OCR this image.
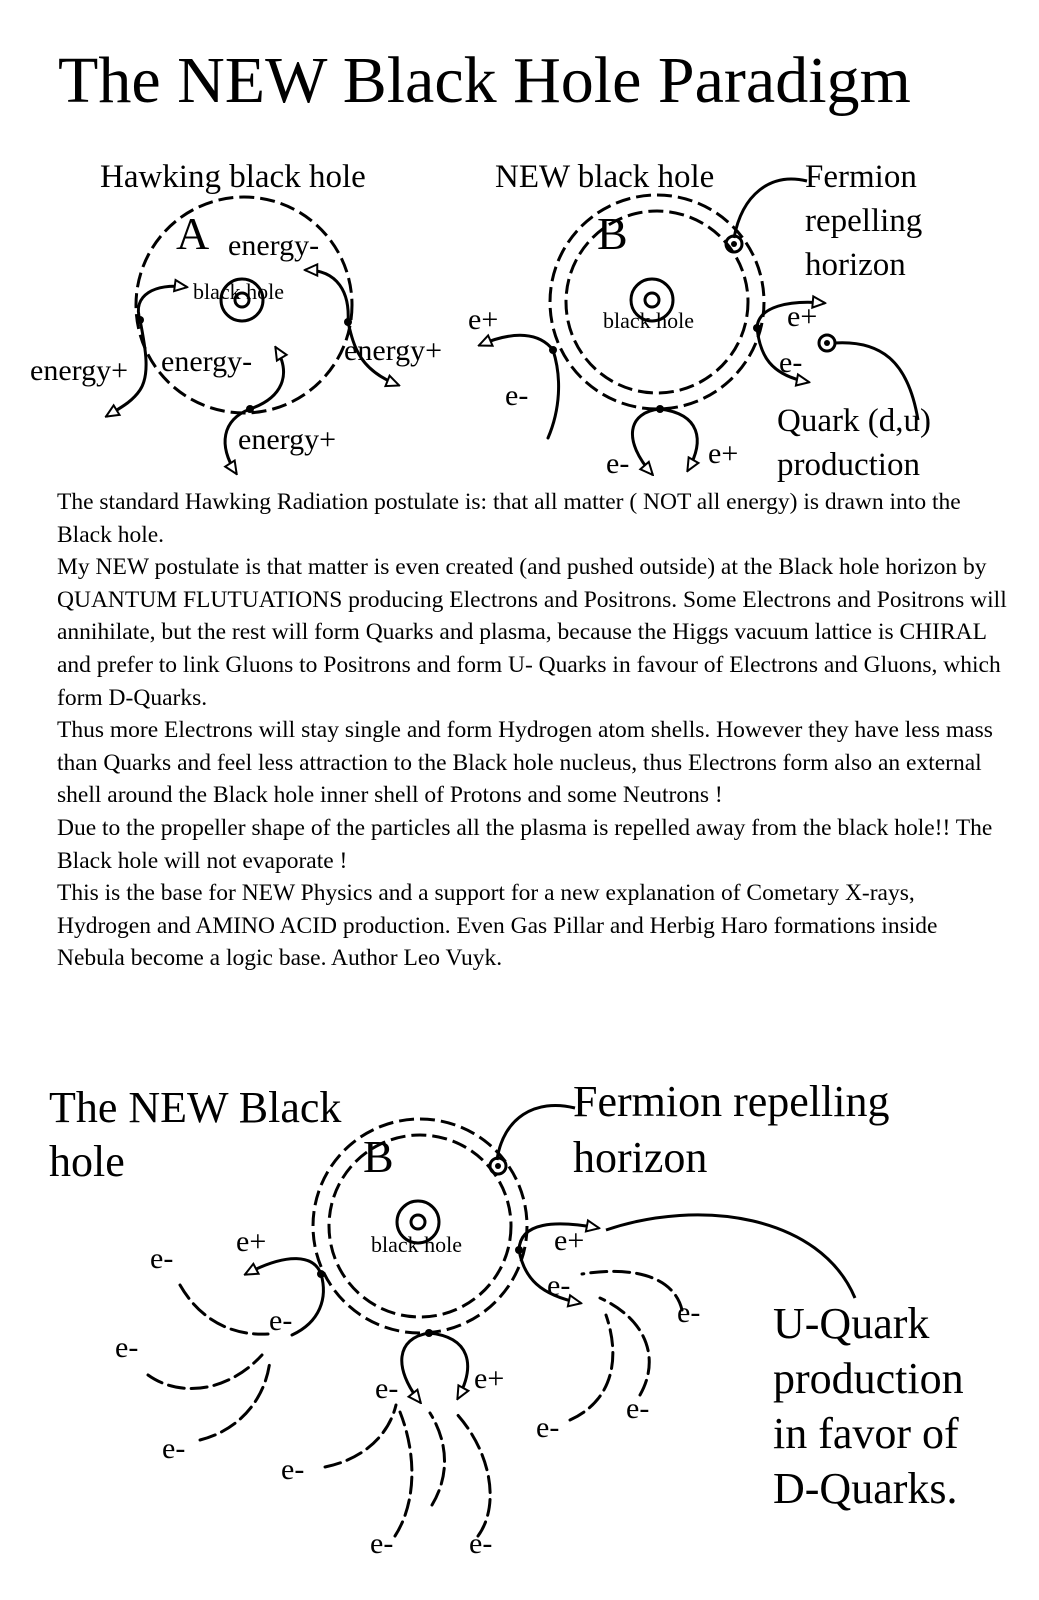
The NEW Black Hole Paradigm
Hawking black hole
A
black hole
energy-
energy-
energy+
energy+
energy+
NEW black hole
B
black hole
Fermion
repelling
horizon
Quark (d,u)
production
e+
e-
e+
e-
e-	e+
The NEW Black
hole	B
black hole
Fermion repelling
horizon
U-Quark
production
in favor of
D-Quarks.
e+
e-
e+
e-
e-	e+
e-
e-
e-
e-
e-	e-
e-
e-
e-

The standard Hawking Radiation postulate is: that all matter ( NOT all energy) is drawn into the Black hole.

My NEW postulate is that matter is even created (and pushed outside) at the Black hole horizon by QUANTUM FLUTUATIONS producing Electrons and Positrons. Some Electrons and Positrons will annihilate, but the rest will form Quarks and plasma, because the Higgs vacuum lattice is CHIRAL and prefer to link Gluons to Positrons and form U- Quarks in favour of Electrons and Gluons, which form D-Quarks.

Thus more Electrons will stay single and form Hydrogen atom shells. However they have less mass than Quarks and feel less attraction to the Black hole nucleus, thus Electrons form also an external shell around the Black hole inner shell of Protons and some Neutrons !

Due to the propeller shape of the particles all the plasma is repelled away from the black hole!! The Black hole will not evaporate !

This is the base for NEW Physics and a support for a new explanation of Cometary X-rays, Hydrogen and AMINO ACID production. Even Gas Pillar and Herbig Haro formations inside Nebula become a logic base. Author Leo Vuyk.
